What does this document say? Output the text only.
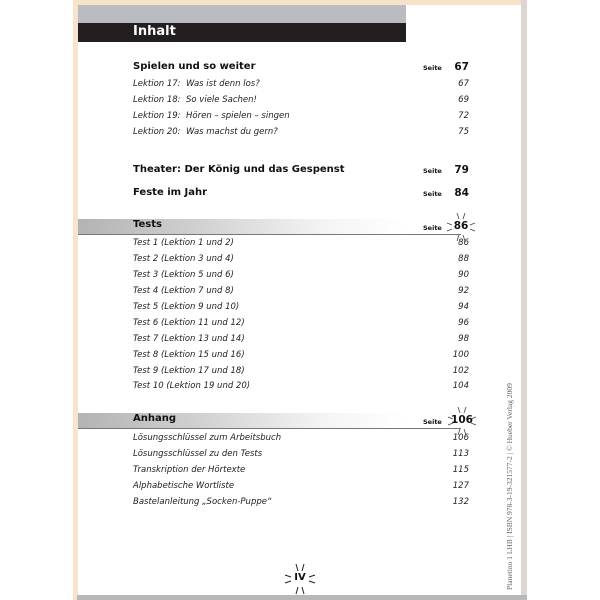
Inhalt
Spielen und so weiter	Seite 67
Lektion 17: Was ist denn los?	67
Lektion 18: So viele Sachen!	69
Lektion 19: Hören – spielen – singen	72
Lektion 20: Was machst du gern?	75
Theater: Der König und das Gespenst	Seite 79
Feste im Jahr	Seite 84
Tests	Seite	86
Test 1 (Lektion 1 und 2)	86
Test 2 (Lektion 3 und 4)	88
Test 3 (Lektion 5 und 6)	90
Test 4 (Lektion 7 und 8)	92
Test 5 (Lektion 9 und 10)	94
Test 6 (Lektion 11 und 12)	96
Test 7 (Lektion 13 und 14)	98
Test 8 (Lektion 15 und 16)	100
Test 9 (Lektion 17 und 18)	102
Test 10 (Lektion 19 und 20)	104
Anhang	Seite 106
Lösungsschlüssel zum Arbeitsbuch	106
Lösungsschlüssel zu den Tests	113
Transkription der Hörtexte	115
Alphabetische Wortliste	127
Bastelanleitung „Socken-Puppe“	132	Planetino 1 LHB | ISBN 978-3-19-321577-2 | © Hueber Verlag 2009
IV
